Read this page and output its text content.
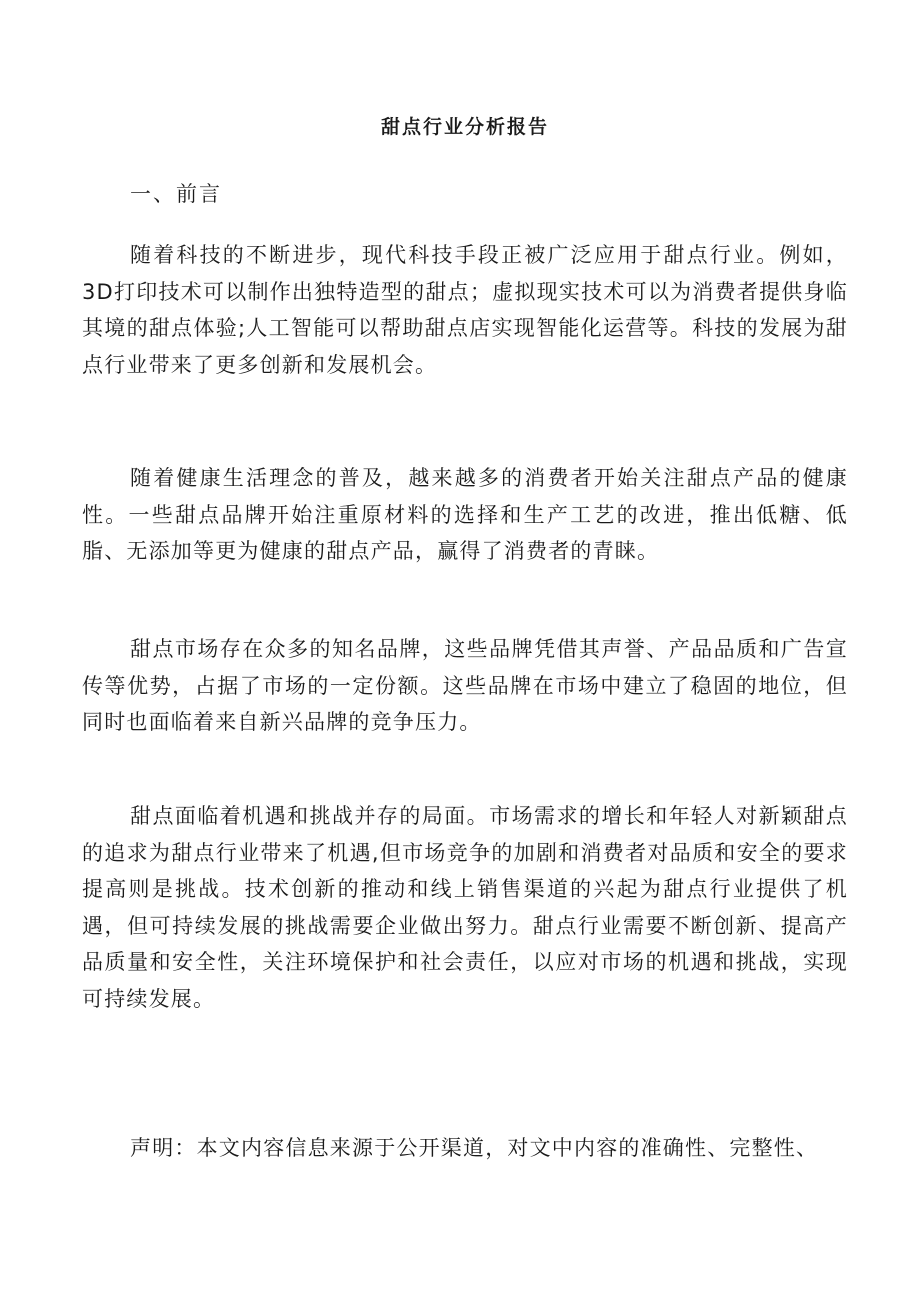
甜点行业分析报告
一、前言

随着科技的不断进步，现代科技手段正被广泛应用于甜点行业。例如，3D打印技术可以制作出独特造型的甜点；虚拟现实技术可以为消费者提供身临其境的甜点体验;人工智能可以帮助甜点店实现智能化运营等。科技的发展为甜点行业带来了更多创新和发展机会。

随着健康生活理念的普及，越来越多的消费者开始关注甜点产品的健康性。一些甜点品牌开始注重原材料的选择和生产工艺的改进，推出低糖、低脂、无添加等更为健康的甜点产品，赢得了消费者的青睐。

甜点市场存在众多的知名品牌，这些品牌凭借其声誉、产品品质和广告宣传等优势，占据了市场的一定份额。这些品牌在市场中建立了稳固的地位，但同时也面临着来自新兴品牌的竞争压力。

甜点面临着机遇和挑战并存的局面。市场需求的增长和年轻人对新颖甜点的追求为甜点行业带来了机遇,但市场竞争的加剧和消费者对品质和安全的要求提高则是挑战。技术创新的推动和线上销售渠道的兴起为甜点行业提供了机遇，但可持续发展的挑战需要企业做出努力。甜点行业需要不断创新、提高产品质量和安全性，关注环境保护和社会责任，以应对市场的机遇和挑战，实现可持续发展。

声明：本文内容信息来源于公开渠道，对文中内容的准确性、完整性、
